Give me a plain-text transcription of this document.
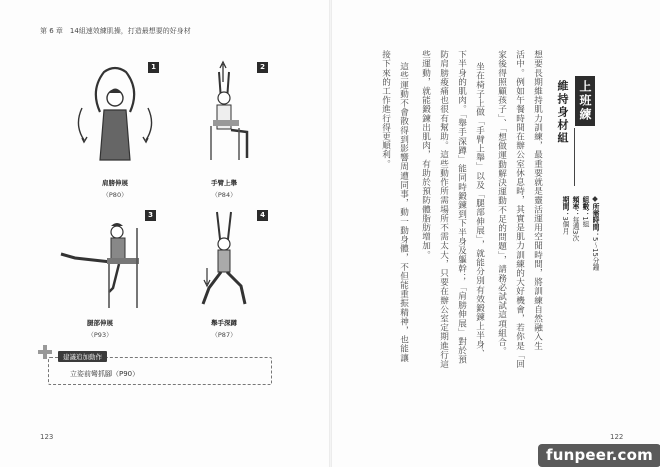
第 6 章　14組速效練肌操，打造最想要的好身材
1
肩膀伸展
（P80）
2
手臂上舉
（P84）
3
腿部伸展
（P93）
4
舉手深蹲
（P87）
建議追加動作
立姿前彎抓腳（P90）
123
上班練
維持身材組
所需時間：5～15分鐘
組數：1組
頻率：每週3次
期間：3個月
想要長期維持肌力訓練，最重要就是靈活運用空閒時間，將訓練自然融入生
活中。例如午餐時間在辦公室休息時，其實是肌力訓練的大好機會，若你是「回
家後得照顧孩子」、「想做運動解決運動不足的問題」，請務必試試這項組合。
坐在椅子上做「手臂上舉」以及「腿部伸展」，就能分別有效鍛鍊上半身、
下半身的肌肉。「舉手深蹲」能同時鍛鍊到下半身及軀幹；「肩膀伸展」對於預
防肩膀痠痛也很有幫助。這些動作所需場所不需太大，只要在辦公室定期進行這
些運動，就能鍛鍊出肌肉，有助於預防體脂肪增加。
這些運動不會散得到影響周遭同事，動一動身體，不但能重振精神，也能讓
接下來的工作進行得更順利。
122
funpeer.com
